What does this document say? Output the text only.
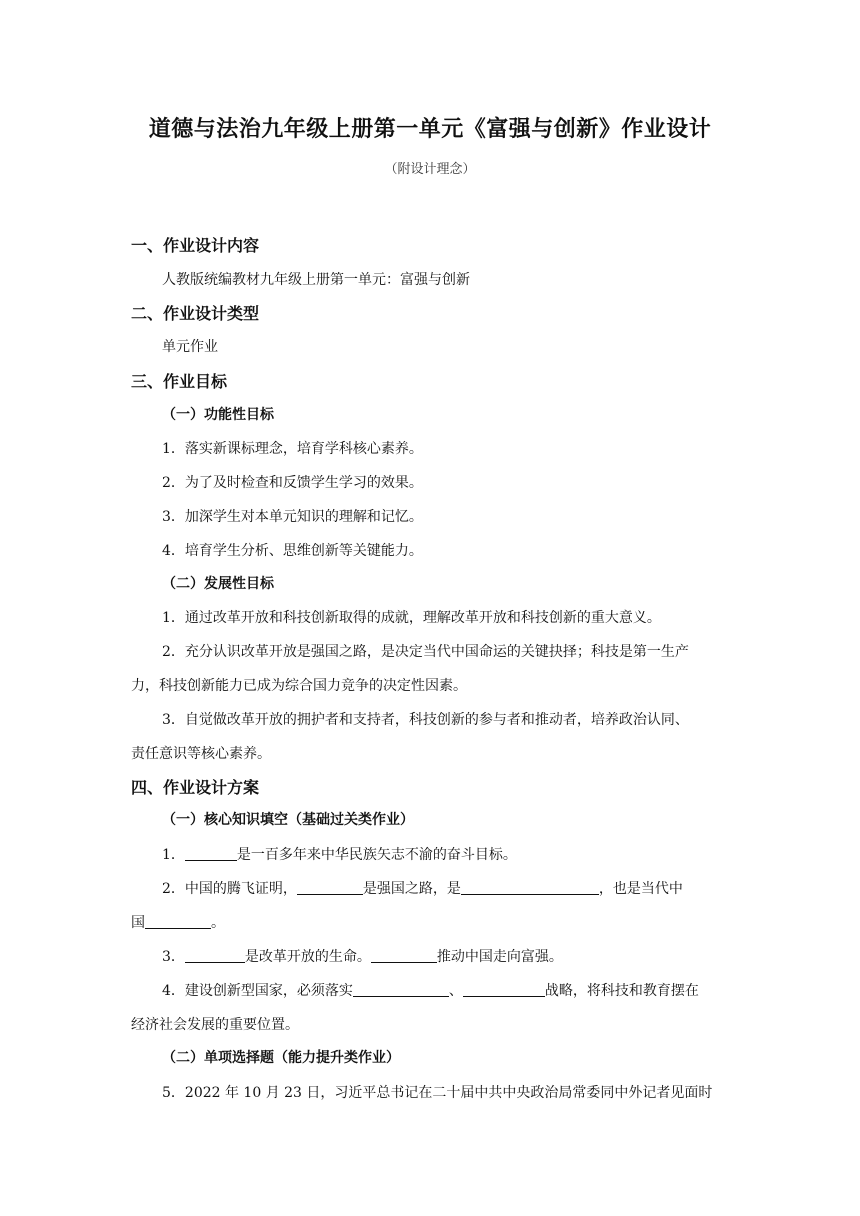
道德与法治九年级上册第一单元《富强与创新》作业设计
（附设计理念）
一、作业设计内容
人教版统编教材九年级上册第一单元：富强与创新
二、作业设计类型
单元作业
三、作业目标
（一）功能性目标
1．落实新课标理念，培育学科核心素养。
2．为了及时检查和反馈学生学习的效果。
3．加深学生对本单元知识的理解和记忆。
4．培育学生分析、思维创新等关键能力。
（二）发展性目标
1．通过改革开放和科技创新取得的成就，理解改革开放和科技创新的重大意义。
2．充分认识改革开放是强国之路，是决定当代中国命运的关键抉择；科技是第一生产
力，科技创新能力已成为综合国力竞争的决定性因素。
3．自觉做改革开放的拥护者和支持者，科技创新的参与者和推动者，培养政治认同、
责任意识等核心素养。
四、作业设计方案
（一）核心知识填空（基础过关类作业）
1．	是一百多年来中华民族矢志不渝的奋斗目标。
2．中国的腾飞证明，	是强国之路，是	，也是当代中
国	。
3．	是改革开放的生命。	推动中国走向富强。
4．建设创新型国家，必须落实	、	战略，将科技和教育摆在
经济社会发展的重要位置。
（二）单项选择题（能力提升类作业）
5．2022 年 10 月 23 日，习近平总书记在二十届中共中央政治局常委同中外记者见面时
